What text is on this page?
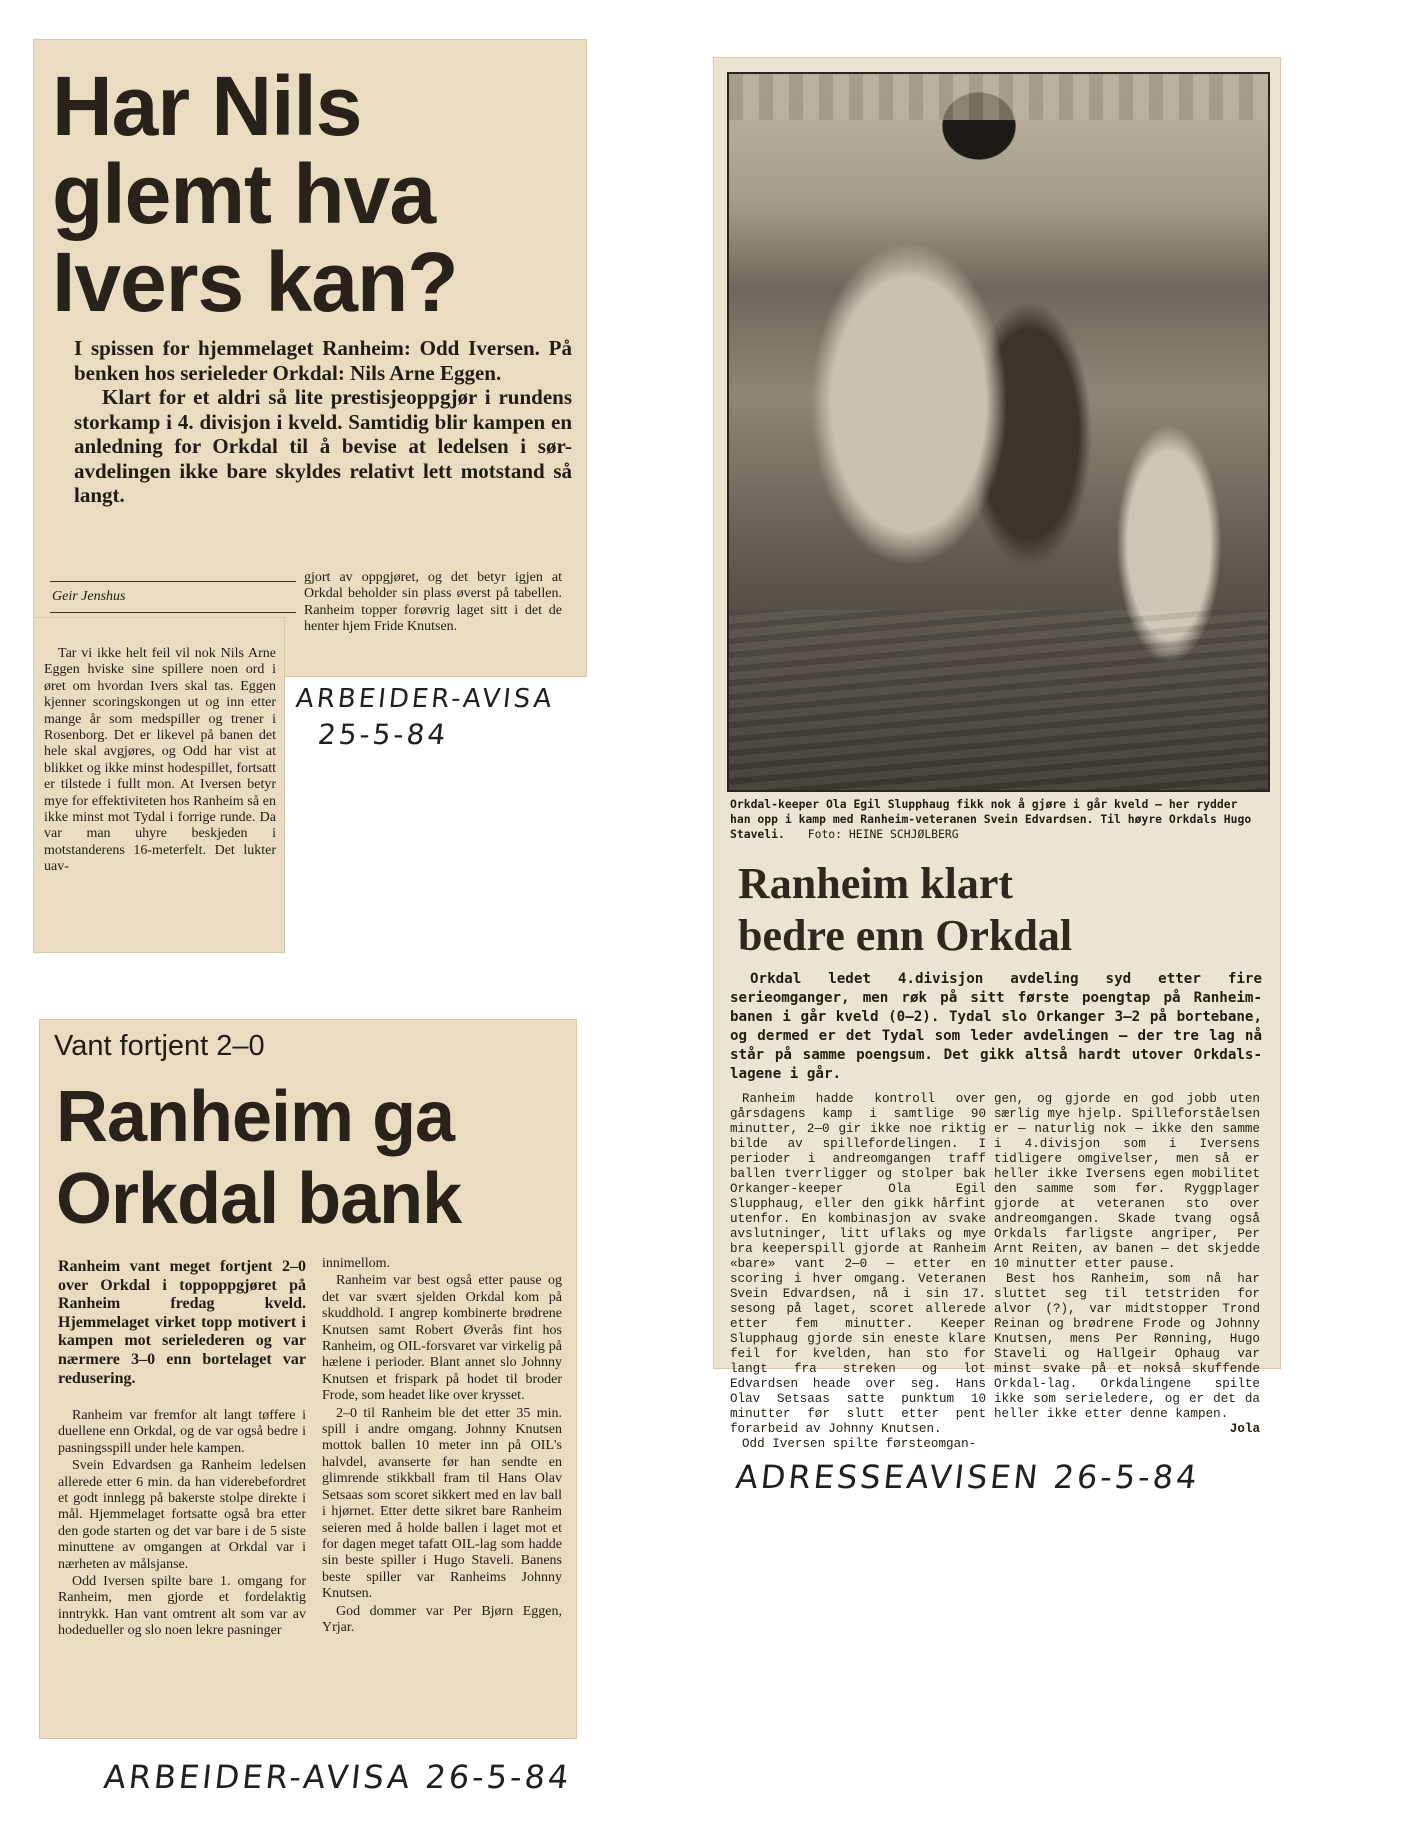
Har Nils
glemt hva
Ivers kan?
I spissen for hjemmelaget Ranheim: Odd Iversen. På benken hos serieleder Orkdal: Nils Arne Eggen.
Klart for et aldri så lite prestisjeoppgjør i rundens storkamp i 4. divisjon i kveld. Samtidig blir kampen en anledning for Orkdal til å bevise at ledelsen i sør-avdelingen ikke bare skyldes relativt lett motstand så langt.
Geir Jenshus

gjort av oppgjøret, og det betyr igjen at Orkdal beholder sin plass øverst på tabellen. Ranheim topper forøvrig laget sitt i det de henter hjem Fride Knutsen.

Tar vi ikke helt feil vil nok Nils Arne Eggen hviske sine spillere noen ord i øret om hvordan Ivers skal tas. Eggen kjenner scoringskongen ut og inn etter mange år som medspiller og trener i Rosenborg. Det er likevel på banen det hele skal avgjøres, og Odd har vist at blikket og ikke minst hodespillet, fortsatt er tilstede i fullt mon. At Iversen betyr mye for effektiviteten hos Ranheim så en ikke minst mot Tydal i forrige runde. Da var man uhyre beskjeden i motstanderens 16-meterfelt. Det lukter uav-

ARBEIDER-AVISA
25-5-84
Vant fortjent 2–0
Ranheim ga
Orkdal bank
Ranheim vant meget fortjent 2–0 over Orkdal i toppoppgjøret på Ranheim fredag kveld. Hjemmelaget virket topp motivert i kampen mot serielederen og var nærmere 3–0 enn bortelaget var redusering.

Ranheim var fremfor alt langt tøffere i duellene enn Orkdal, og de var også bedre i pasningsspill under hele kampen.

Svein Edvardsen ga Ranheim ledelsen allerede etter 6 min. da han viderebefordret et godt innlegg på bakerste stolpe direkte i mål. Hjemmelaget fortsatte også bra etter den gode starten og det var bare i de 5 siste minuttene av omgangen at Orkdal var i nærheten av målsjanse.

Odd Iversen spilte bare 1. omgang for Ranheim, men gjorde et fordelaktig inntrykk. Han vant omtrent alt som var av hodedueller og slo noen lekre pasninger

innimellom.

Ranheim var best også etter pause og det var svært sjelden Orkdal kom på skuddhold. I angrep kombinerte brødrene Knutsen samt Robert Øverås fint hos Ranheim, og OIL-forsvaret var virkelig på hælene i perioder. Blant annet slo Johnny Knutsen et frispark på hodet til broder Frode, som headet like over krysset.

2–0 til Ranheim ble det etter 35 min. spill i andre omgang. Johnny Knutsen mottok ballen 10 meter inn på OIL's halvdel, avanserte før han sendte en glimrende stikkball fram til Hans Olav Setsaas som scoret sikkert med en lav ball i hjørnet. Etter dette sikret bare Ranheim seieren med å holde ballen i laget mot et for dagen meget tafatt OIL-lag som hadde sin beste spiller i Hugo Staveli. Banens beste spiller var Ranheims Johnny Knutsen.

God dommer var Per Bjørn Eggen, Yrjar.

ARBEIDER-AVISA 26-5-84
Orkdal-keeper Ola Egil Slupphaug fikk nok å gjøre i går kveld — her rydder han opp i kamp med Ranheim-veteranen Svein Edvardsen. Til høyre Orkdals Hugo Staveli. Foto: HEINE SCHJØLBERG
Ranheim klart
bedre enn Orkdal
Orkdal ledet 4.divisjon avdeling syd etter fire serieomganger, men røk på sitt første poengtap på Ranheim-banen i går kveld (0—2). Tydal slo Orkanger 3—2 på bortebane, og dermed er det Tydal som leder avdelingen — der tre lag nå står på samme poengsum. Det gikk altså hardt utover Orkdals-lagene i går.

Ranheim hadde kontroll over gårsdagens kamp i samtlige 90 minutter, 2—0 gir ikke noe riktig bilde av spillefordelingen. I perioder i andreomgangen traff ballen tverrligger og stolper bak Orkanger-keeper Ola Egil Slupphaug, eller den gikk hårfint utenfor. En kombinasjon av svake avslutninger, litt uflaks og mye bra keeperspill gjorde at Ranheim «bare» vant 2—0 — etter en scoring i hver omgang. Veteranen Svein Edvardsen, nå i sin 17. sesong på laget, scoret allerede etter fem minutter. Keeper Slupphaug gjorde sin eneste klare feil for kvelden, han sto for langt fra streken og lot Edvardsen heade over seg. Hans Olav Setsaas satte punktum 10 minutter før slutt etter pent forarbeid av Johnny Knutsen.

Odd Iversen spilte førsteomgan-

gen, og gjorde en god jobb uten særlig mye hjelp. Spilleforståelsen er — naturlig nok — ikke den samme i 4.divisjon som i Iversens tidligere omgivelser, men så er heller ikke Iversens egen mobilitet den samme som før. Ryggplager gjorde at veteranen sto over andreomgangen. Skade tvang også Orkdals farligste angriper, Per Arnt Reiten, av banen — det skjedde 10 minutter etter pause.

Best hos Ranheim, som nå har sluttet seg til tetstriden for alvor (?), var midtstopper Trond Reinan og brødrene Frode og Johnny Knutsen, mens Per Rønning, Hugo Staveli og Hallgeir Ophaug var minst svake på et nokså skuffende Orkdal-lag. Orkdalingene spilte ikke som serieledere, og er det da heller ikke etter denne kampen.

Jola
ADRESSEAVISEN 26-5-84
